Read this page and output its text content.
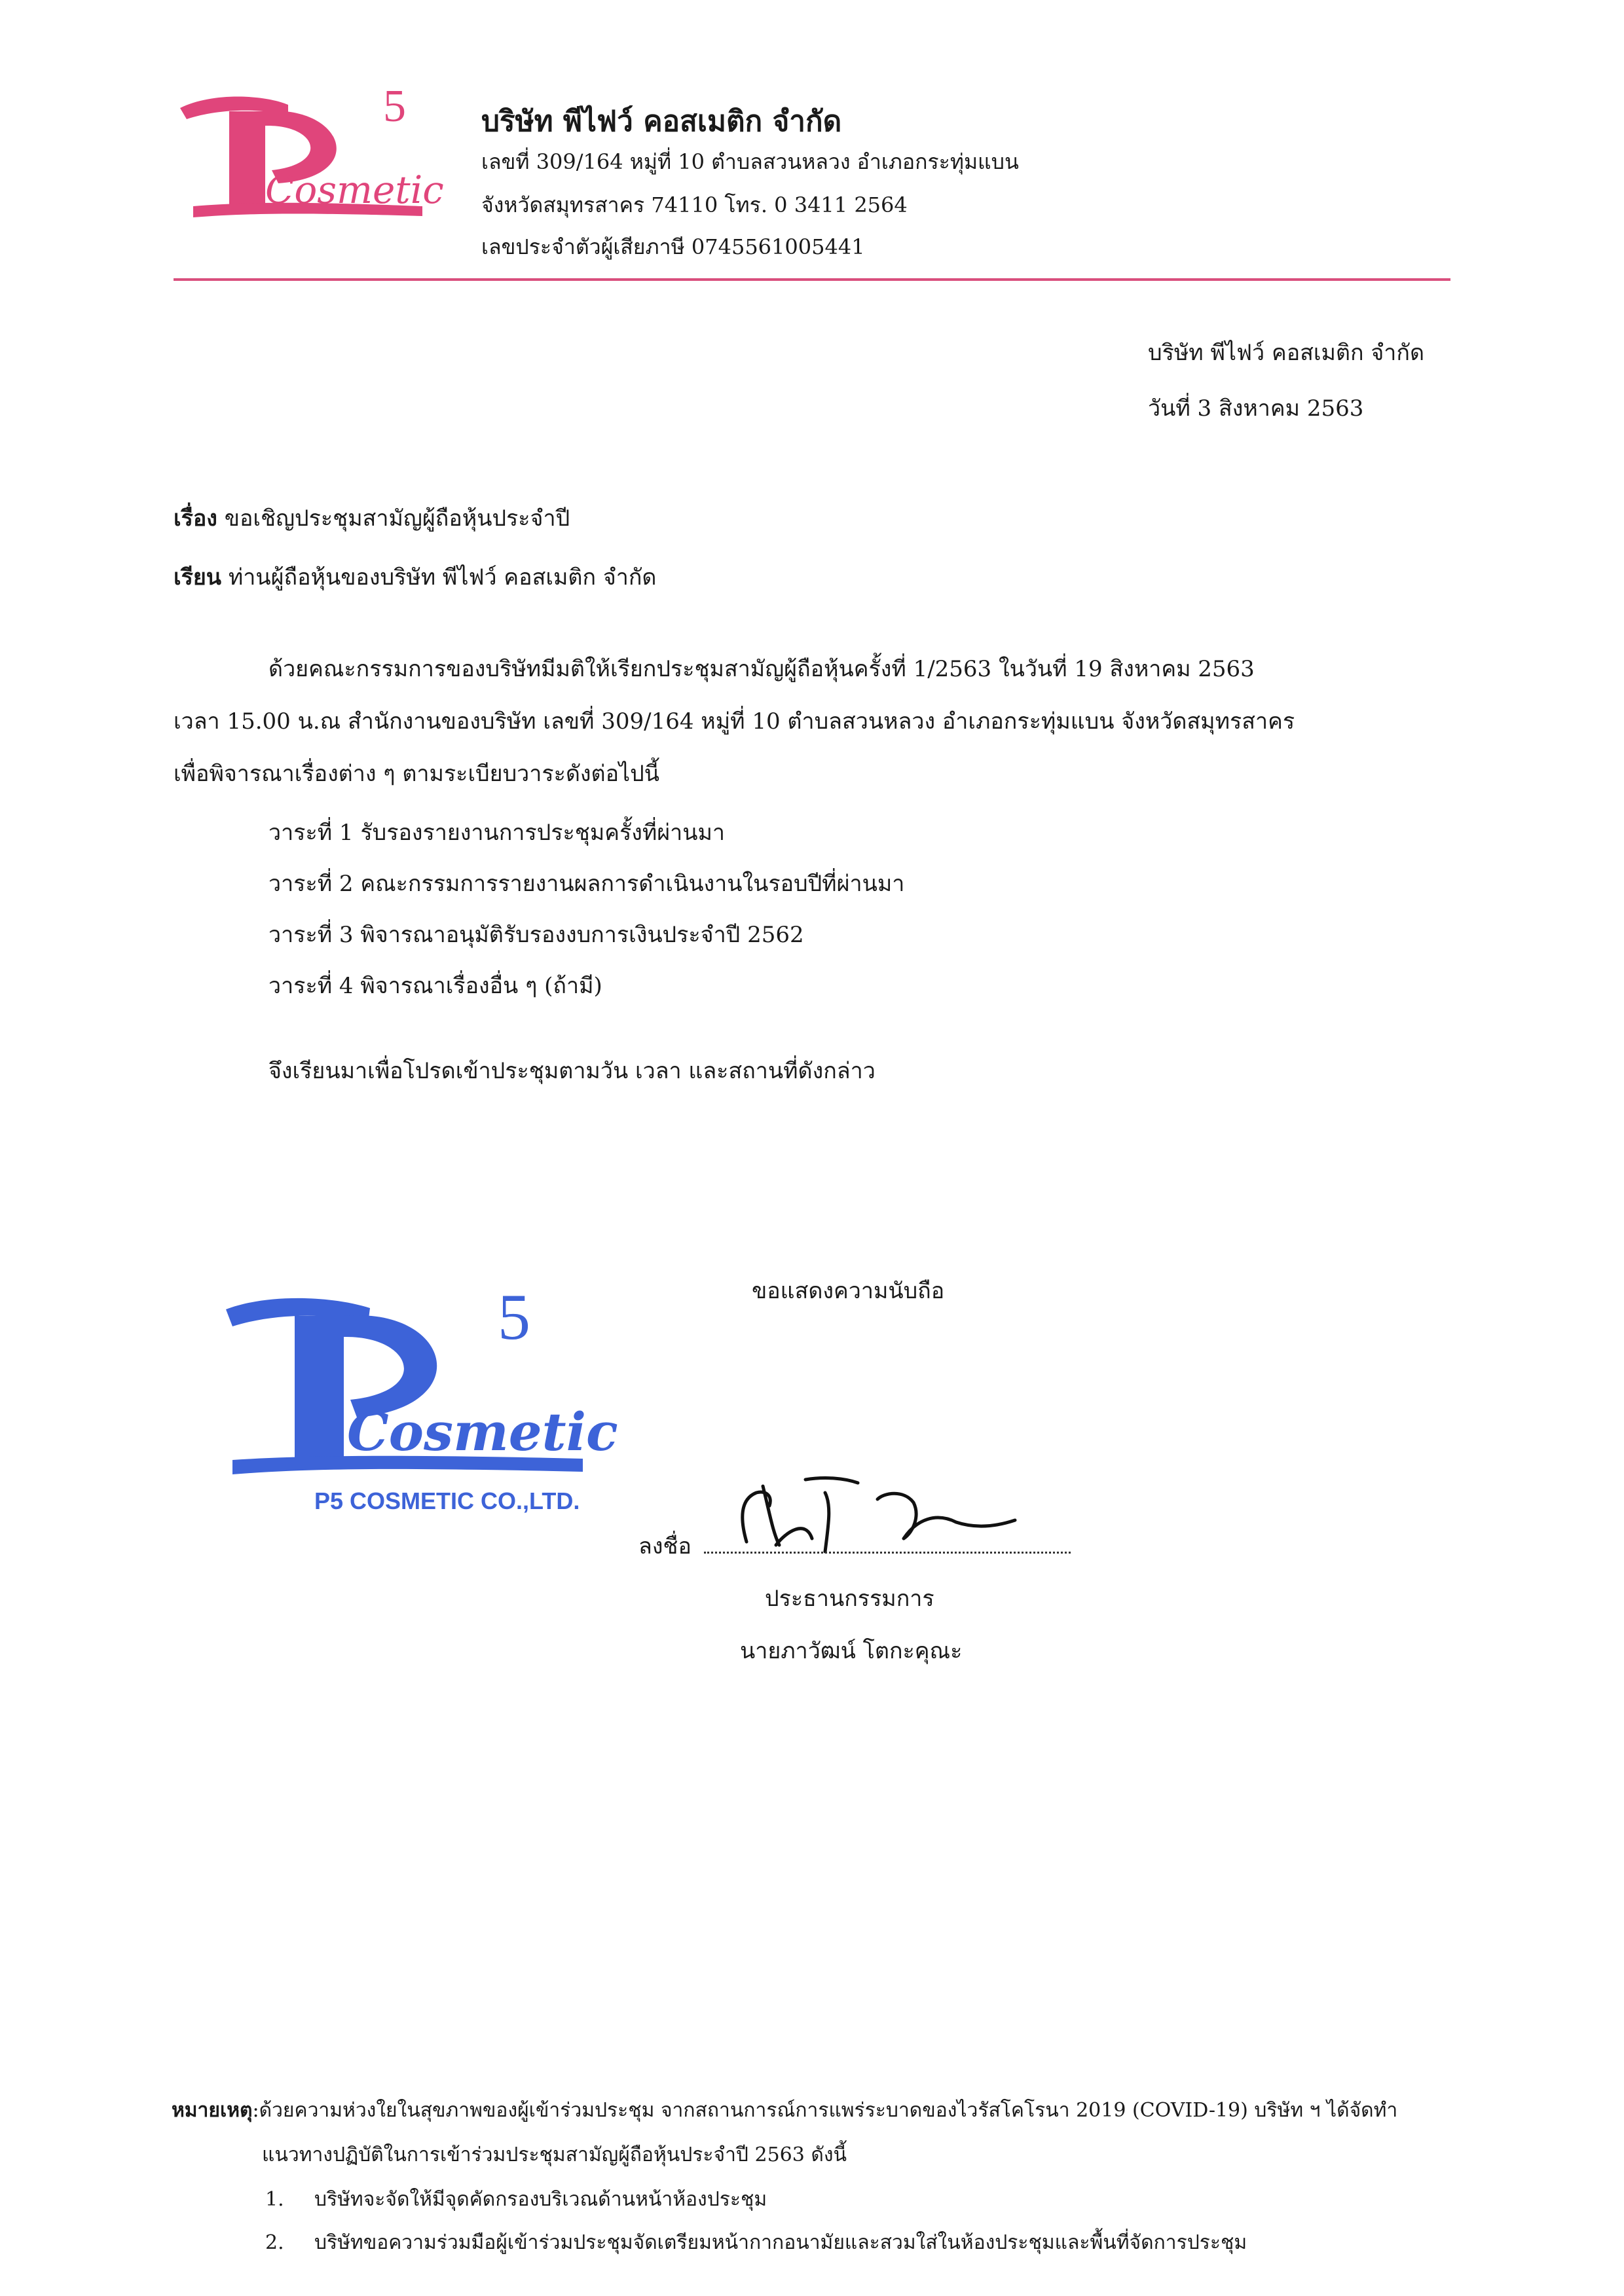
5
Cosmetic
บริษัท พีไฟว์ คอสเมติก จำกัด
เลขที่ 309/164 หมู่ที่ 10 ตำบลสวนหลวง อำเภอกระทุ่มแบน
จังหวัดสมุทรสาคร 74110 โทร. 0 3411 2564
เลขประจำตัวผู้เสียภาษี 0745561005441
บริษัท พีไฟว์ คอสเมติก จำกัด
วันที่ 3 สิงหาคม 2563
เรื่อง ขอเชิญประชุมสามัญผู้ถือหุ้นประจำปี
เรียน ท่านผู้ถือหุ้นของบริษัท พีไฟว์ คอสเมติก จำกัด
ด้วยคณะกรรมการของบริษัทมีมติให้เรียกประชุมสามัญผู้ถือหุ้นครั้งที่ 1/2563 ในวันที่ 19 สิงหาคม 2563
เวลา 15.00 น.ณ สำนักงานของบริษัท เลขที่ 309/164 หมู่ที่ 10 ตำบลสวนหลวง อำเภอกระทุ่มแบน จังหวัดสมุทรสาคร
เพื่อพิจารณาเรื่องต่าง ๆ ตามระเบียบวาระดังต่อไปนี้
วาระที่ 1 รับรองรายงานการประชุมครั้งที่ผ่านมา
วาระที่ 2 คณะกรรมการรายงานผลการดำเนินงานในรอบปีที่ผ่านมา
วาระที่ 3 พิจารณาอนุมัติรับรองงบการเงินประจำปี 2562
วาระที่ 4 พิจารณาเรื่องอื่น ๆ (ถ้ามี)
จึงเรียนมาเพื่อโปรดเข้าประชุมตามวัน เวลา และสถานที่ดังกล่าว
ขอแสดงความนับถือ
5
Cosmetic
P5 COSMETIC CO.,LTD.
ลงชื่อ
ประธานกรรมการ
นายภาวัฒน์ โตกะคุณะ
หมายเหตุ:ด้วยความห่วงใยในสุขภาพของผู้เข้าร่วมประชุม จากสถานการณ์การแพร่ระบาดของไวรัสโคโรนา 2019 (COVID-19) บริษัท ฯ ได้จัดทำ
แนวทางปฏิบัติในการเข้าร่วมประชุมสามัญผู้ถือหุ้นประจำปี 2563 ดังนี้
1. บริษัทจะจัดให้มีจุดคัดกรองบริเวณด้านหน้าห้องประชุม
2. บริษัทขอความร่วมมือผู้เข้าร่วมประชุมจัดเตรียมหน้ากากอนามัยและสวมใส่ในห้องประชุมและพื้นที่จัดการประชุม
